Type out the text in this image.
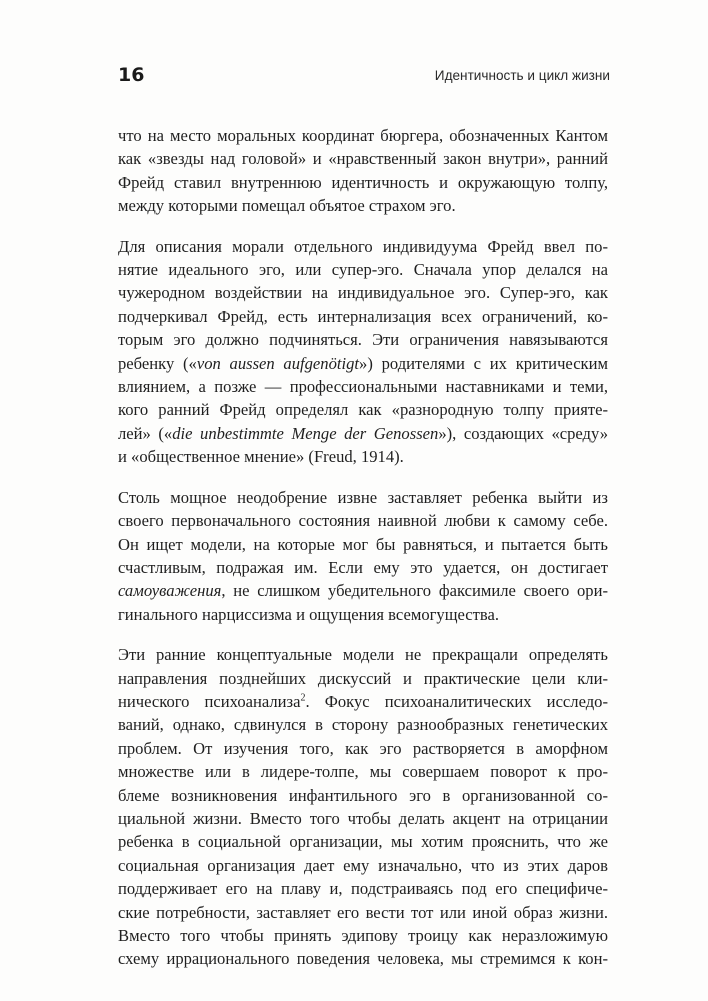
16	Идентичность и цикл жизни

что на место моральных координат бюргера, обозначенных Кантом
как «звезды над головой» и «нравственный закон внутри», ранний
Фрейд ставил внутреннюю идентичность и окружающую толпу,
между которыми помещал объятое страхом эго.

Для описания морали отдельного индивидуума Фрейд ввел по-
нятие идеального эго, или супер-эго. Сначала упор делался на
чужеродном воздействии на индивидуальное эго. Супер-эго, как
подчеркивал Фрейд, есть интернализация всех ограничений, ко-
торым эго должно подчиняться. Эти ограничения навязываются
ребенку («von aussen aufgenötigt») родителями с их критическим
влиянием, а позже — профессиональными наставниками и теми,
кого ранний Фрейд определял как «разнородную толпу прияте-
лей» («die unbestimmte Menge der Genossen»), создающих «среду»
и «общественное мнение» (Freud, 1914).

Столь мощное неодобрение извне заставляет ребенка выйти из
своего первоначального состояния наивной любви к самому себе.
Он ищет модели, на которые мог бы равняться, и пытается быть
счастливым, подражая им. Если ему это удается, он достигает
самоуважения, не слишком убедительного факсимиле своего ори-
гинального нарциссизма и ощущения всемогущества.

Эти ранние концептуальные модели не прекращали определять
направления позднейших дискуссий и практические цели кли-
нического психоанализа$^2$. Фокус психоаналитических исследо-
ваний, однако, сдвинулся в сторону разнообразных генетических
проблем. От изучения того, как эго растворяется в аморфном
множестве или в лидере-толпе, мы совершаем поворот к про-
блеме возникновения инфантильного эго в организованной со-
циальной жизни. Вместо того чтобы делать акцент на отрицании
ребенка в социальной организации, мы хотим прояснить, что же
социальная организация дает ему изначально, что из этих даров
поддерживает его на плаву и, подстраиваясь под его специфиче-
ские потребности, заставляет его вести тот или иной образ жизни.
Вместо того чтобы принять эдипову троицу как неразложимую
схему иррационального поведения человека, мы стремимся к кон-
